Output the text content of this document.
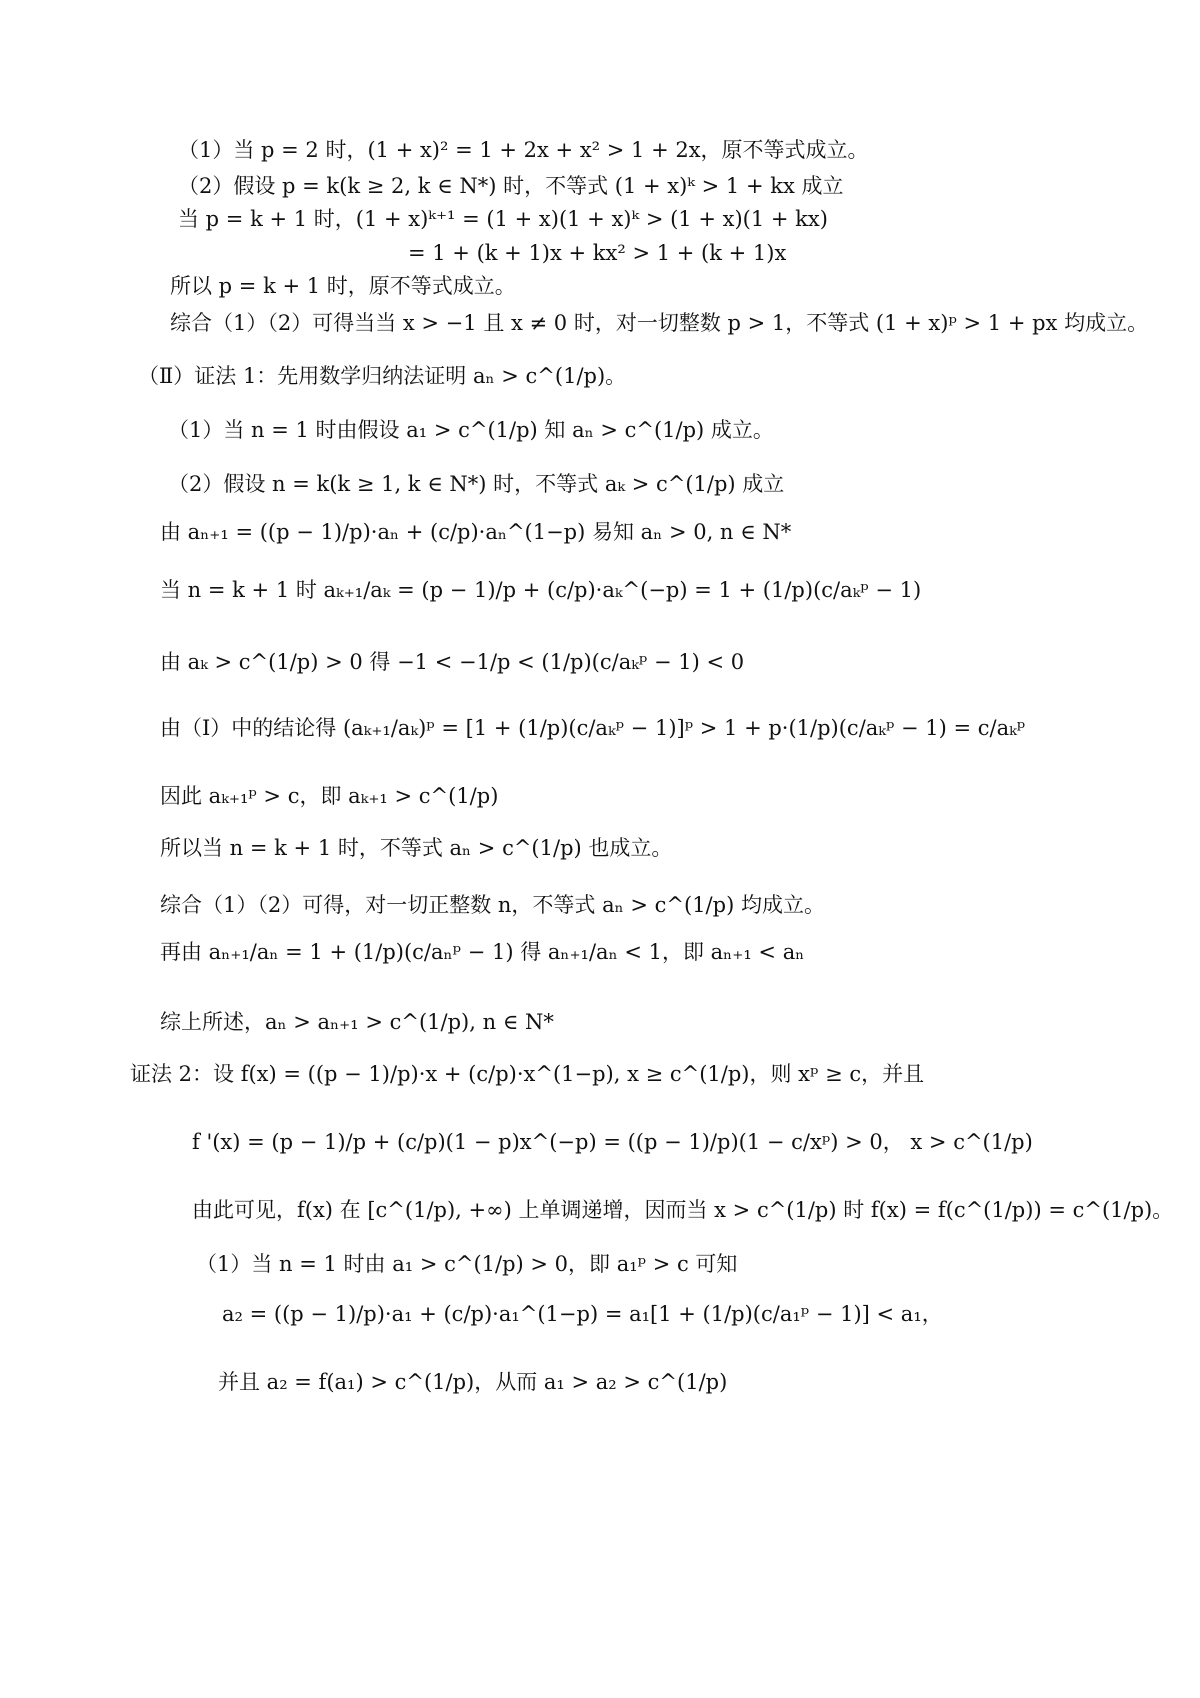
（1）当 p = 2 时，(1 + x)² = 1 + 2x + x² > 1 + 2x，原不等式成立。
（2）假设 p = k(k ≥ 2, k ∈ N*) 时，不等式 (1 + x)ᵏ > 1 + kx 成立
当 p = k + 1 时，(1 + x)ᵏ⁺¹ = (1 + x)(1 + x)ᵏ > (1 + x)(1 + kx)
= 1 + (k + 1)x + kx² > 1 + (k + 1)x
所以 p = k + 1 时，原不等式成立。
综合（1）（2）可得当当 x > −1 且 x ≠ 0 时，对一切整数 p > 1，不等式 (1 + x)ᵖ > 1 + px 均成立。
（Ⅱ）证法 1：先用数学归纳法证明 aₙ > c^(1/p)。
（1）当 n = 1 时由假设 a₁ > c^(1/p) 知 aₙ > c^(1/p) 成立。
（2）假设 n = k(k ≥ 1, k ∈ N*) 时，不等式 aₖ > c^(1/p) 成立
由 aₙ₊₁ = ((p − 1)/p)·aₙ + (c/p)·aₙ^(1−p) 易知 aₙ > 0, n ∈ N*
当 n = k + 1 时 aₖ₊₁/aₖ = (p − 1)/p + (c/p)·aₖ^(−p) = 1 + (1/p)(c/aₖᵖ − 1)
由 aₖ > c^(1/p) > 0 得 −1 < −1/p < (1/p)(c/aₖᵖ − 1) < 0
由（Ⅰ）中的结论得 (aₖ₊₁/aₖ)ᵖ = [1 + (1/p)(c/aₖᵖ − 1)]ᵖ > 1 + p·(1/p)(c/aₖᵖ − 1) = c/aₖᵖ
因此 aₖ₊₁ᵖ > c，即 aₖ₊₁ > c^(1/p)
所以当 n = k + 1 时，不等式 aₙ > c^(1/p) 也成立。
综合（1）（2）可得，对一切正整数 n，不等式 aₙ > c^(1/p) 均成立。
再由 aₙ₊₁/aₙ = 1 + (1/p)(c/aₙᵖ − 1) 得 aₙ₊₁/aₙ < 1，即 aₙ₊₁ < aₙ
综上所述，aₙ > aₙ₊₁ > c^(1/p), n ∈ N*
证法 2：设 f(x) = ((p − 1)/p)·x + (c/p)·x^(1−p), x ≥ c^(1/p)，则 xᵖ ≥ c，并且
f '(x) = (p − 1)/p + (c/p)(1 − p)x^(−p) = ((p − 1)/p)(1 − c/xᵖ) > 0， x > c^(1/p)
由此可见，f(x) 在 [c^(1/p), +∞) 上单调递增，因而当 x > c^(1/p) 时 f(x) = f(c^(1/p)) = c^(1/p)。
（1）当 n = 1 时由 a₁ > c^(1/p) > 0，即 a₁ᵖ > c 可知
a₂ = ((p − 1)/p)·a₁ + (c/p)·a₁^(1−p) = a₁[1 + (1/p)(c/a₁ᵖ − 1)] < a₁，
并且 a₂ = f(a₁) > c^(1/p)，从而 a₁ > a₂ > c^(1/p)
